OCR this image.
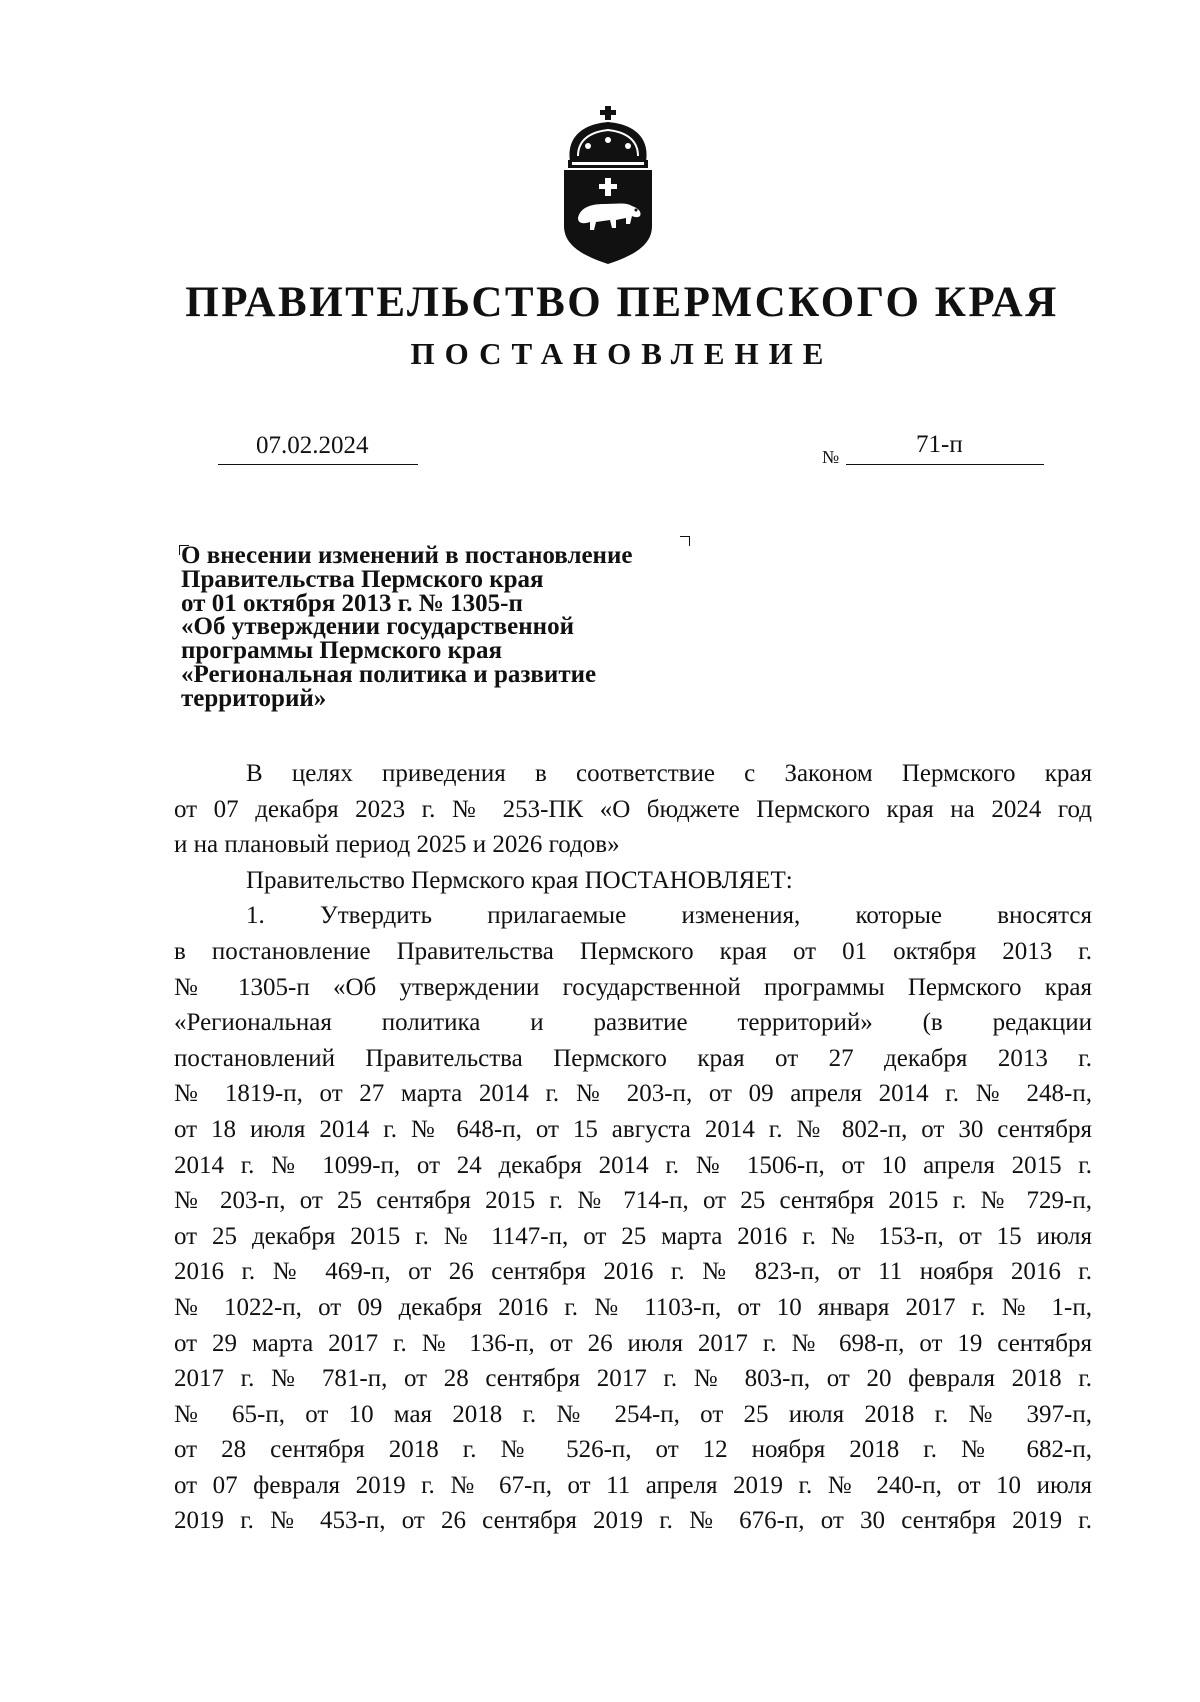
ПРАВИТЕЛЬСТВО ПЕРМСКОГО КРАЯ
ПОСТАНОВЛЕНИЕ
07.02.2024	№	71-п
О внесении изменений в постановление
Правительства Пермского края
от 01 октября 2013 г. № 1305-п
«Об утверждении государственной
программы Пермского края
«Региональная политика и развитие
территорий»
В целях приведения в соответствие с Законом Пермского края
от 07 декабря 2023 г. № 253-ПК «О бюджете Пермского края на 2024 год
и на плановый период 2025 и 2026 годов»
Правительство Пермского края ПОСТАНОВЛЯЕТ:
1. Утвердить прилагаемые изменения, которые вносятся
в постановление Правительства Пермского края от 01 октября 2013 г.
№ 1305-п «Об утверждении государственной программы Пермского края
«Региональная политика и развитие территорий» (в редакции
постановлений Правительства Пермского края от 27 декабря 2013 г.
№ 1819-п, от 27 марта 2014 г. № 203-п, от 09 апреля 2014 г. № 248-п,
от 18 июля 2014 г. № 648-п, от 15 августа 2014 г. № 802-п, от 30 сентября
2014 г. № 1099-п, от 24 декабря 2014 г. № 1506-п, от 10 апреля 2015 г.
№ 203-п, от 25 сентября 2015 г. № 714-п, от 25 сентября 2015 г. № 729-п,
от 25 декабря 2015 г. № 1147-п, от 25 марта 2016 г. № 153-п, от 15 июля
2016 г. № 469-п, от 26 сентября 2016 г. № 823-п, от 11 ноября 2016 г.
№ 1022-п, от 09 декабря 2016 г. № 1103-п, от 10 января 2017 г. № 1-п,
от 29 марта 2017 г. № 136-п, от 26 июля 2017 г. № 698-п, от 19 сентября
2017 г. № 781-п, от 28 сентября 2017 г. № 803-п, от 20 февраля 2018 г.
№ 65-п, от 10 мая 2018 г. № 254-п, от 25 июля 2018 г. № 397-п,
от 28 сентября 2018 г. № 526-п, от 12 ноября 2018 г. № 682-п,
от 07 февраля 2019 г. № 67-п, от 11 апреля 2019 г. № 240-п, от 10 июля
2019 г. № 453-п, от 26 сентября 2019 г. № 676-п, от 30 сентября 2019 г.
